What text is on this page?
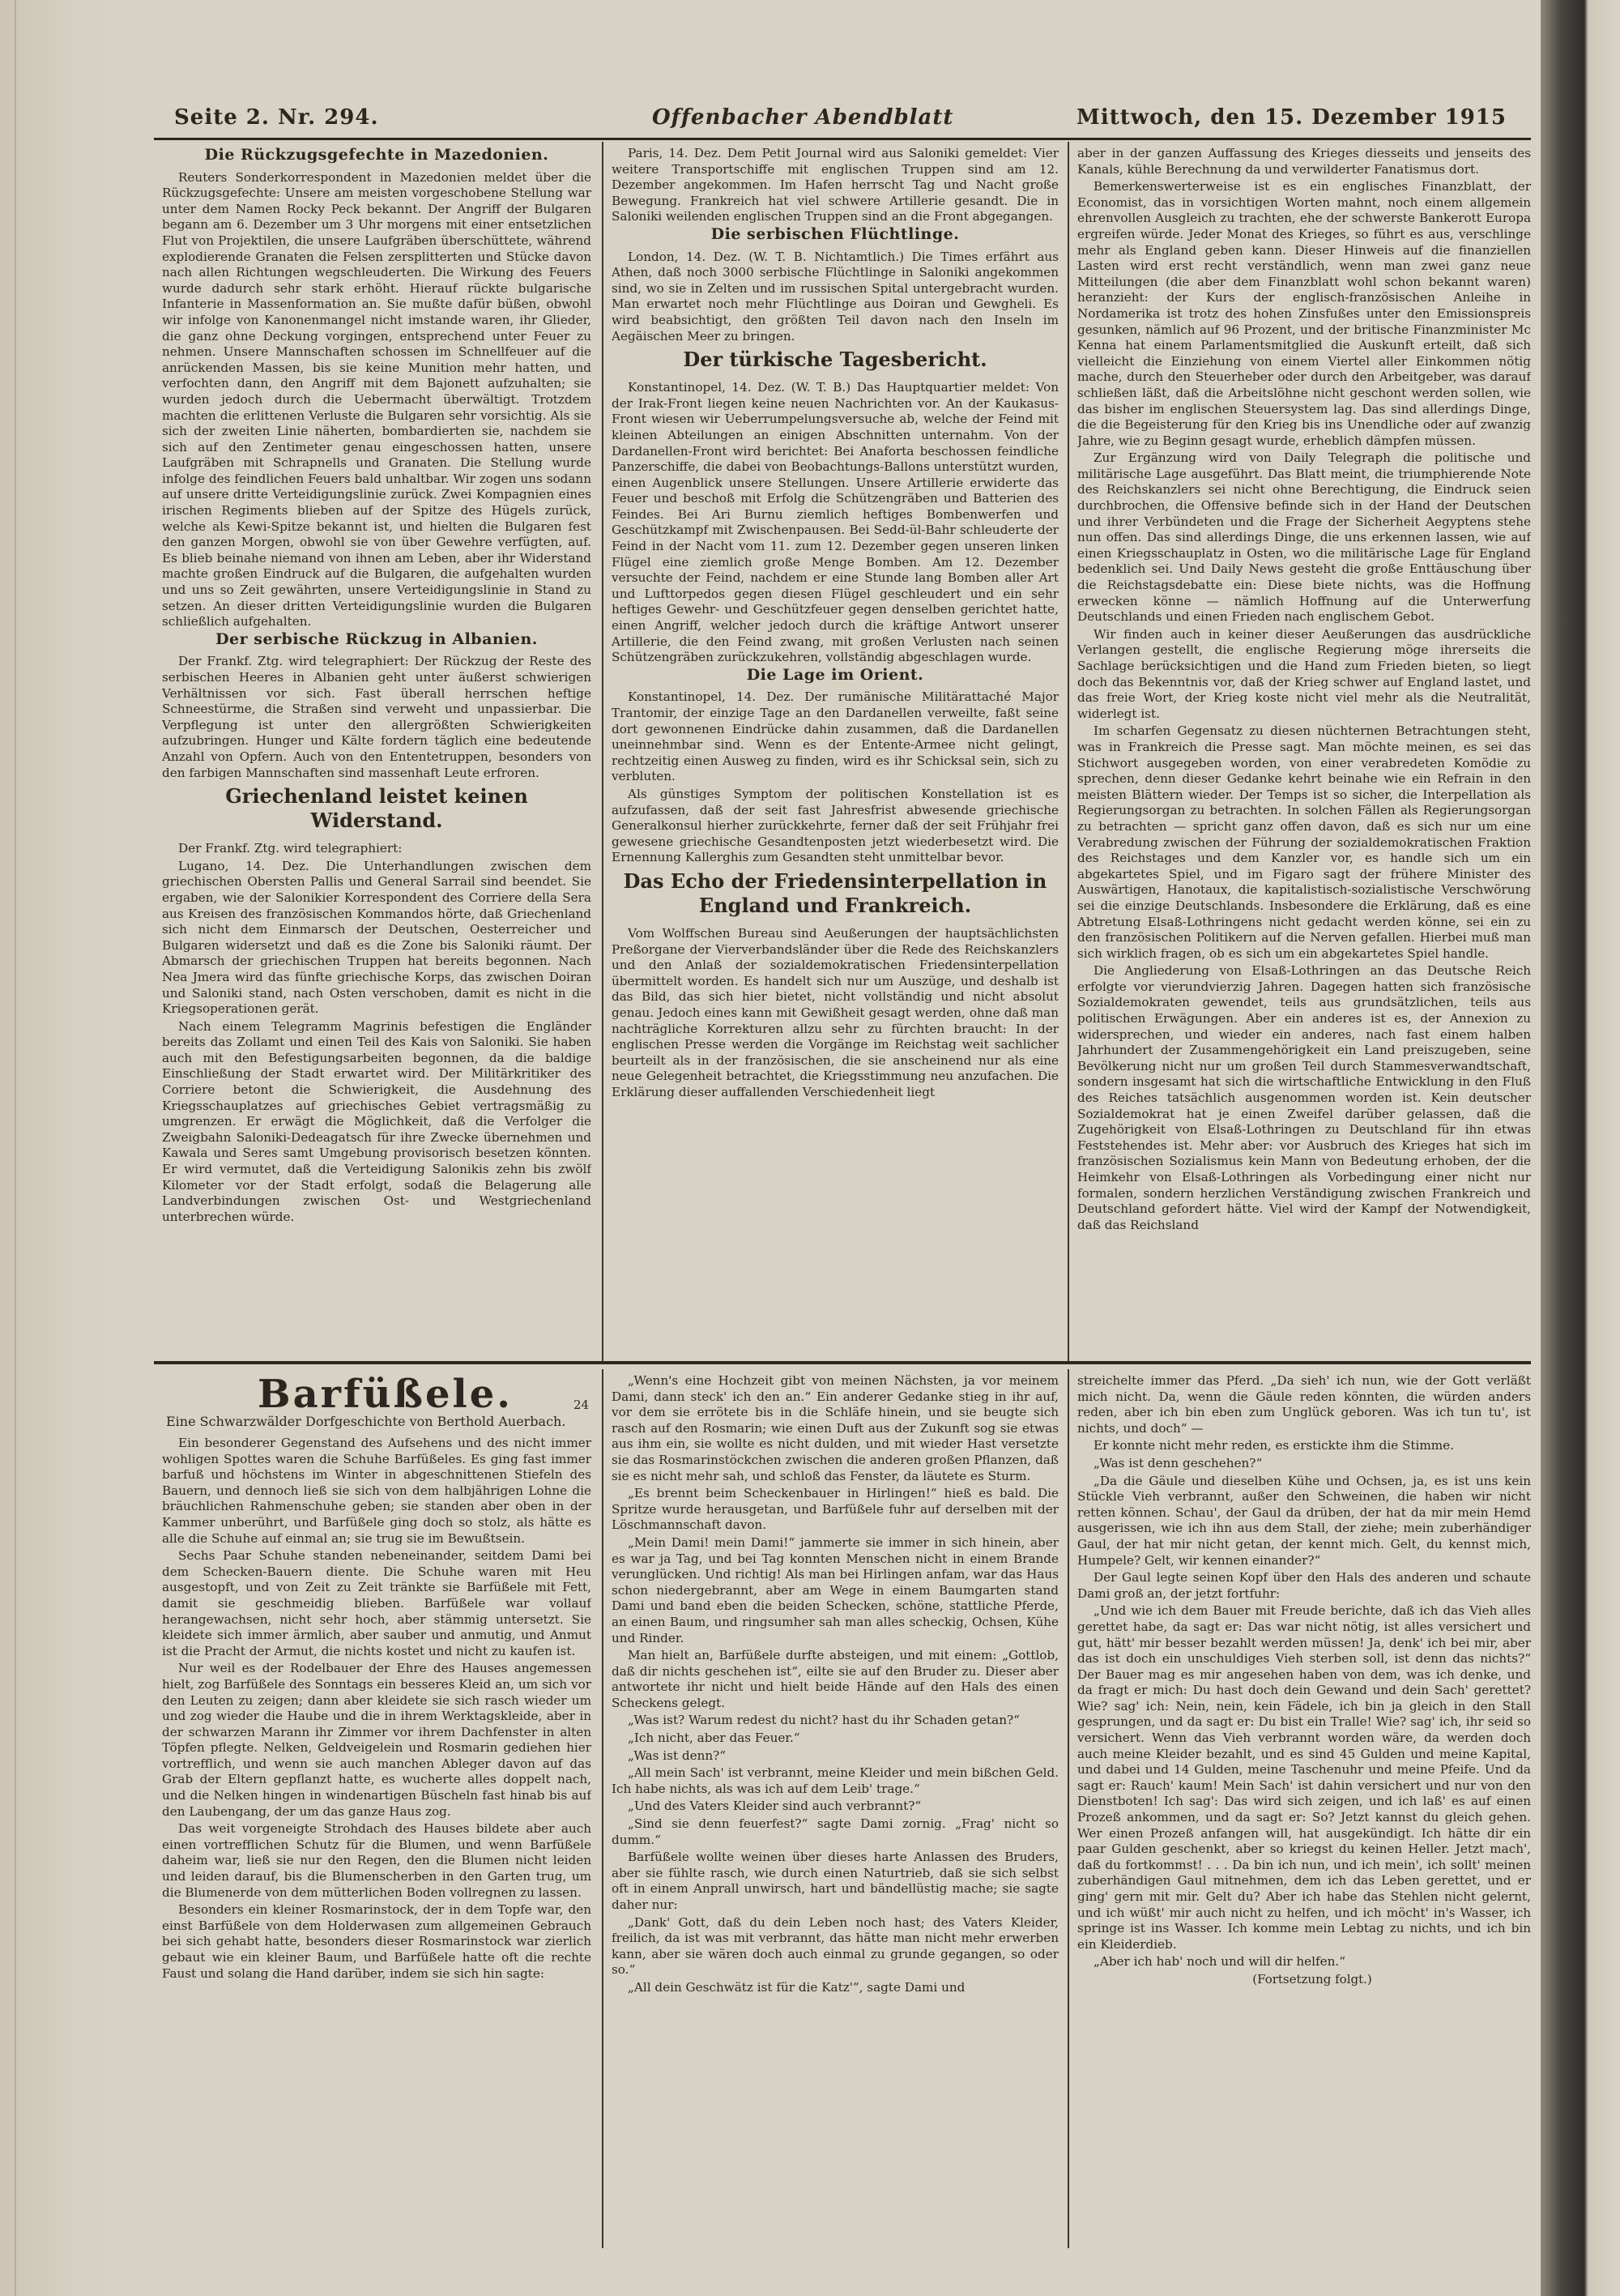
Seite 2. Nr. 294.	Offenbacher Abendblatt	Mittwoch, den 15. Dezember 1915
Die Rückzugsgefechte in Mazedonien.

Reuters Sonderkorrespondent in Mazedonien meldet über die Rückzugsgefechte: Unsere am meisten vorgeschobene Stellung war unter dem Namen Rocky Peck bekannt. Der Angriff der Bulgaren begann am 6. Dezember um 3 Uhr morgens mit einer entsetzlichen Flut von Projektilen, die unsere Laufgräben überschüttete, während explodierende Granaten die Felsen zersplitterten und Stücke davon nach allen Richtungen wegschleuderten. Die Wirkung des Feuers wurde dadurch sehr stark erhöht. Hierauf rückte bulgarische Infanterie in Massenformation an. Sie mußte dafür büßen, obwohl wir infolge von Kanonenmangel nicht imstande waren, ihr Glieder, die ganz ohne Deckung vorgingen, entsprechend unter Feuer zu nehmen. Unsere Mannschaften schossen im Schnellfeuer auf die anrückenden Massen, bis sie keine Munition mehr hatten, und verfochten dann, den Angriff mit dem Bajonett aufzuhalten; sie wurden jedoch durch die Uebermacht überwältigt. Trotzdem machten die erlittenen Verluste die Bulgaren sehr vorsichtig. Als sie sich der zweiten Linie näherten, bombardierten sie, nachdem sie sich auf den Zentimeter genau eingeschossen hatten, unsere Laufgräben mit Schrapnells und Granaten. Die Stellung wurde infolge des feindlichen Feuers bald unhaltbar. Wir zogen uns sodann auf unsere dritte Verteidigungslinie zurück. Zwei Kompagnien eines irischen Regiments blieben auf der Spitze des Hügels zurück, welche als Kewi-Spitze bekannt ist, und hielten die Bulgaren fest den ganzen Morgen, obwohl sie von über Gewehre verfügten, auf. Es blieb beinahe niemand von ihnen am Leben, aber ihr Widerstand machte großen Eindruck auf die Bulgaren, die aufgehalten wurden und uns so Zeit gewährten, unsere Verteidigungslinie in Stand zu setzen. An dieser dritten Verteidigungslinie wurden die Bulgaren schließlich aufgehalten.

Der serbische Rückzug in Albanien.

Der Frankf. Ztg. wird telegraphiert: Der Rückzug der Reste des serbischen Heeres in Albanien geht unter äußerst schwierigen Verhältnissen vor sich. Fast überall herrschen heftige Schneestürme, die Straßen sind verweht und unpassierbar. Die Verpflegung ist unter den allergrößten Schwierigkeiten aufzubringen. Hunger und Kälte fordern täglich eine bedeutende Anzahl von Opfern. Auch von den Ententetruppen, besonders von den farbigen Mannschaften sind massenhaft Leute erfroren.

Griechenland leistet keinen Widerstand.

Der Frankf. Ztg. wird telegraphiert:

Lugano, 14. Dez. Die Unterhandlungen zwischen dem griechischen Obersten Pallis und General Sarrail sind beendet. Sie ergaben, wie der Salonikier Korrespondent des Corriere della Sera aus Kreisen des französischen Kommandos hörte, daß Griechenland sich nicht dem Einmarsch der Deutschen, Oesterreicher und Bulgaren widersetzt und daß es die Zone bis Saloniki räumt. Der Abmarsch der griechischen Truppen hat bereits begonnen. Nach Nea Jmera wird das fünfte griechische Korps, das zwischen Doiran und Saloniki stand, nach Osten verschoben, damit es nicht in die Kriegsoperationen gerät.

Nach einem Telegramm Magrinis befestigen die Engländer bereits das Zollamt und einen Teil des Kais von Saloniki. Sie haben auch mit den Befestigungsarbeiten begonnen, da die baldige Einschließung der Stadt erwartet wird. Der Militärkritiker des Corriere betont die Schwierigkeit, die Ausdehnung des Kriegsschauplatzes auf griechisches Gebiet vertragsmäßig zu umgrenzen. Er erwägt die Möglichkeit, daß die Verfolger die Zweigbahn Saloniki-Dedeagatsch für ihre Zwecke übernehmen und Kawala und Seres samt Umgebung provisorisch besetzen könnten. Er wird vermutet, daß die Verteidigung Salonikis zehn bis zwölf Kilometer vor der Stadt erfolgt, sodaß die Belagerung alle Landverbindungen zwischen Ost- und Westgriechenland unterbrechen würde.

Paris, 14. Dez. Dem Petit Journal wird aus Saloniki gemeldet: Vier weitere Transportschiffe mit englischen Truppen sind am 12. Dezember angekommen. Im Hafen herrscht Tag und Nacht große Bewegung. Frankreich hat viel schwere Artillerie gesandt. Die in Saloniki weilenden englischen Truppen sind an die Front abgegangen.

Die serbischen Flüchtlinge.

London, 14. Dez. (W. T. B. Nichtamtlich.) Die Times erfährt aus Athen, daß noch 3000 serbische Flüchtlinge in Saloniki angekommen sind, wo sie in Zelten und im russischen Spital untergebracht wurden. Man erwartet noch mehr Flüchtlinge aus Doiran und Gewgheli. Es wird beabsichtigt, den größten Teil davon nach den Inseln im Aegäischen Meer zu bringen.

Der türkische Tagesbericht.

Konstantinopel, 14. Dez. (W. T. B.) Das Hauptquartier meldet: Von der Irak-Front liegen keine neuen Nachrichten vor. An der Kaukasus-Front wiesen wir Ueberrumpelungsversuche ab, welche der Feind mit kleinen Abteilungen an einigen Abschnitten unternahm. Von der Dardanellen-Front wird berichtet: Bei Anaforta beschossen feindliche Panzerschiffe, die dabei von Beobachtungs-Ballons unterstützt wurden, einen Augenblick unsere Stellungen. Unsere Artillerie erwiderte das Feuer und beschoß mit Erfolg die Schützengräben und Batterien des Feindes. Bei Ari Burnu ziemlich heftiges Bombenwerfen und Geschützkampf mit Zwischenpausen. Bei Sedd-ül-Bahr schleuderte der Feind in der Nacht vom 11. zum 12. Dezember gegen unseren linken Flügel eine ziemlich große Menge Bomben. Am 12. Dezember versuchte der Feind, nachdem er eine Stunde lang Bomben aller Art und Lufttorpedos gegen diesen Flügel geschleudert und ein sehr heftiges Gewehr- und Geschützfeuer gegen denselben gerichtet hatte, einen Angriff, welcher jedoch durch die kräftige Antwort unserer Artillerie, die den Feind zwang, mit großen Verlusten nach seinen Schützengräben zurückzukehren, vollständig abgeschlagen wurde.

Die Lage im Orient.

Konstantinopel, 14. Dez. Der rumänische Militärattaché Major Trantomir, der einzige Tage an den Dardanellen verweilte, faßt seine dort gewonnenen Eindrücke dahin zusammen, daß die Dardanellen uneinnehmbar sind. Wenn es der Entente-Armee nicht gelingt, rechtzeitig einen Ausweg zu finden, wird es ihr Schicksal sein, sich zu verbluten.

Als günstiges Symptom der politischen Konstellation ist es aufzufassen, daß der seit fast Jahresfrist abwesende griechische Generalkonsul hierher zurückkehrte, ferner daß der seit Frühjahr frei gewesene griechische Gesandtenposten jetzt wiederbesetzt wird. Die Ernennung Kallerghis zum Gesandten steht unmittelbar bevor.

Das Echo der Friedensinterpellation in England und Frankreich.

Vom Wolffschen Bureau sind Aeußerungen der hauptsächlichsten Preßorgane der Vierverbandsländer über die Rede des Reichskanzlers und den Anlaß der sozialdemokratischen Friedensinterpellation übermittelt worden. Es handelt sich nur um Auszüge, und deshalb ist das Bild, das sich hier bietet, nicht vollständig und nicht absolut genau. Jedoch eines kann mit Gewißheit gesagt werden, ohne daß man nachträgliche Korrekturen allzu sehr zu fürchten braucht: In der englischen Presse werden die Vorgänge im Reichstag weit sachlicher beurteilt als in der französischen, die sie anscheinend nur als eine neue Gelegenheit betrachtet, die Kriegsstimmung neu anzufachen. Die Erklärung dieser auffallenden Verschiedenheit liegt

aber in der ganzen Auffassung des Krieges diesseits und jenseits des Kanals, kühle Berechnung da und verwilderter Fanatismus dort.

Bemerkenswerterweise ist es ein englisches Finanzblatt, der Economist, das in vorsichtigen Worten mahnt, noch einem allgemein ehrenvollen Ausgleich zu trachten, ehe der schwerste Bankerott Europa ergreifen würde. Jeder Monat des Krieges, so führt es aus, verschlinge mehr als England geben kann. Dieser Hinweis auf die finanziellen Lasten wird erst recht verständlich, wenn man zwei ganz neue Mitteilungen (die aber dem Finanzblatt wohl schon bekannt waren) heranzieht: der Kurs der englisch-französischen Anleihe in Nordamerika ist trotz des hohen Zinsfußes unter den Emissionspreis gesunken, nämlich auf 96 Prozent, und der britische Finanzminister Mc Kenna hat einem Parlamentsmitglied die Auskunft erteilt, daß sich vielleicht die Einziehung von einem Viertel aller Einkommen nötig mache, durch den Steuerheber oder durch den Arbeitgeber, was darauf schließen läßt, daß die Arbeitslöhne nicht geschont werden sollen, wie das bisher im englischen Steuersystem lag. Das sind allerdings Dinge, die die Begeisterung für den Krieg bis ins Unendliche oder auf zwanzig Jahre, wie zu Beginn gesagt wurde, erheblich dämpfen müssen.

Zur Ergänzung wird von Daily Telegraph die politische und militärische Lage ausgeführt. Das Blatt meint, die triumphierende Note des Reichskanzlers sei nicht ohne Berechtigung, die Eindruck seien durchbrochen, die Offensive befinde sich in der Hand der Deutschen und ihrer Verbündeten und die Frage der Sicherheit Aegyptens stehe nun offen. Das sind allerdings Dinge, die uns erkennen lassen, wie auf einen Kriegsschauplatz in Osten, wo die militärische Lage für England bedenklich sei. Und Daily News gesteht die große Enttäuschung über die Reichstagsdebatte ein: Diese biete nichts, was die Hoffnung erwecken könne — nämlich Hoffnung auf die Unterwerfung Deutschlands und einen Frieden nach englischem Gebot.

Wir finden auch in keiner dieser Aeußerungen das ausdrückliche Verlangen gestellt, die englische Regierung möge ihrerseits die Sachlage berücksichtigen und die Hand zum Frieden bieten, so liegt doch das Bekenntnis vor, daß der Krieg schwer auf England lastet, und das freie Wort, der Krieg koste nicht viel mehr als die Neutralität, widerlegt ist.

Im scharfen Gegensatz zu diesen nüchternen Betrachtungen steht, was in Frankreich die Presse sagt. Man möchte meinen, es sei das Stichwort ausgegeben worden, von einer verabredeten Komödie zu sprechen, denn dieser Gedanke kehrt beinahe wie ein Refrain in den meisten Blättern wieder. Der Temps ist so sicher, die Interpellation als Regierungsorgan zu betrachten. In solchen Fällen als Regierungsorgan zu betrachten — spricht ganz offen davon, daß es sich nur um eine Verabredung zwischen der Führung der sozialdemokratischen Fraktion des Reichstages und dem Kanzler vor, es handle sich um ein abgekartetes Spiel, und im Figaro sagt der frühere Minister des Auswärtigen, Hanotaux, die kapitalistisch-sozialistische Verschwörung sei die einzige Deutschlands. Insbesondere die Erklärung, daß es eine Abtretung Elsaß-Lothringens nicht gedacht werden könne, sei ein zu den französischen Politikern auf die Nerven gefallen. Hierbei muß man sich wirklich fragen, ob es sich um ein abgekartetes Spiel handle.

Die Angliederung von Elsaß-Lothringen an das Deutsche Reich erfolgte vor vierundvierzig Jahren. Dagegen hatten sich französische Sozialdemokraten gewendet, teils aus grundsätzlichen, teils aus politischen Erwägungen. Aber ein anderes ist es, der Annexion zu widersprechen, und wieder ein anderes, nach fast einem halben Jahrhundert der Zusammengehörigkeit ein Land preiszugeben, seine Bevölkerung nicht nur um großen Teil durch Stammesverwandtschaft, sondern insgesamt hat sich die wirtschaftliche Entwicklung in den Fluß des Reiches tatsächlich ausgenommen worden ist. Kein deutscher Sozialdemokrat hat je einen Zweifel darüber gelassen, daß die Zugehörigkeit von Elsaß-Lothringen zu Deutschland für ihn etwas Feststehendes ist. Mehr aber: vor Ausbruch des Krieges hat sich im französischen Sozialismus kein Mann von Bedeutung erhoben, der die Heimkehr von Elsaß-Lothringen als Vorbedingung einer nicht nur formalen, sondern herzlichen Verständigung zwischen Frankreich und Deutschland gefordert hätte. Viel wird der Kampf der Notwendigkeit, daß das Reichsland

Barfüßele.	24
Eine Schwarzwälder Dorfgeschichte von Berthold Auerbach.

Ein besonderer Gegenstand des Aufsehens und des nicht immer wohligen Spottes waren die Schuhe Barfüßeles. Es ging fast immer barfuß und höchstens im Winter in abgeschnittenen Stiefeln des Bauern, und dennoch ließ sie sich von dem halbjährigen Lohne die bräuchlichen Rahmenschuhe geben; sie standen aber oben in der Kammer unberührt, und Barfüßele ging doch so stolz, als hätte es alle die Schuhe auf einmal an; sie trug sie im Bewußtsein.

Sechs Paar Schuhe standen nebeneinander, seitdem Dami bei dem Schecken-Bauern diente. Die Schuhe waren mit Heu ausgestopft, und von Zeit zu Zeit tränkte sie Barfüßele mit Fett, damit sie geschmeidig blieben. Barfüßele war vollauf herangewachsen, nicht sehr hoch, aber stämmig untersetzt. Sie kleidete sich immer ärmlich, aber sauber und anmutig, und Anmut ist die Pracht der Armut, die nichts kostet und nicht zu kaufen ist.

Nur weil es der Rodelbauer der Ehre des Hauses angemessen hielt, zog Barfüßele des Sonntags ein besseres Kleid an, um sich vor den Leuten zu zeigen; dann aber kleidete sie sich rasch wieder um und zog wieder die Haube und die in ihrem Werktagskleide, aber in der schwarzen Marann ihr Zimmer vor ihrem Dachfenster in alten Töpfen pflegte. Nelken, Geldveigelein und Rosmarin gediehen hier vortrefflich, und wenn sie auch manchen Ableger davon auf das Grab der Eltern gepflanzt hatte, es wucherte alles doppelt nach, und die Nelken hingen in windenartigen Büscheln fast hinab bis auf den Laubengang, der um das ganze Haus zog.

Das weit vorgeneigte Strohdach des Hauses bildete aber auch einen vortrefflichen Schutz für die Blumen, und wenn Barfüßele daheim war, ließ sie nur den Regen, den die Blumen nicht leiden und leiden darauf, bis die Blumenscherben in den Garten trug, um die Blumenerde von dem mütterlichen Boden vollregnen zu lassen.

Besonders ein kleiner Rosmarinstock, der in dem Topfe war, den einst Barfüßele von dem Holderwasen zum allgemeinen Gebrauch bei sich gehabt hatte, besonders dieser Rosmarinstock war zierlich gebaut wie ein kleiner Baum, und Barfüßele hatte oft die rechte Faust und solang die Hand darüber, indem sie sich hin sagte:

„Wenn's eine Hochzeit gibt von meinen Nächsten, ja vor meinem Dami, dann steck' ich den an.“ Ein anderer Gedanke stieg in ihr auf, vor dem sie errötete bis in die Schläfe hinein, und sie beugte sich rasch auf den Rosmarin; wie einen Duft aus der Zukunft sog sie etwas aus ihm ein, sie wollte es nicht dulden, und mit wieder Hast versetzte sie das Rosmarinstöckchen zwischen die anderen großen Pflanzen, daß sie es nicht mehr sah, und schloß das Fenster, da läutete es Sturm.

„Es brennt beim Scheckenbauer in Hirlingen!“ hieß es bald. Die Spritze wurde herausgetan, und Barfüßele fuhr auf derselben mit der Löschmannschaft davon.

„Mein Dami! mein Dami!“ jammerte sie immer in sich hinein, aber es war ja Tag, und bei Tag konnten Menschen nicht in einem Brande verunglücken. Und richtig! Als man bei Hirlingen anfam, war das Haus schon niedergebrannt, aber am Wege in einem Baumgarten stand Dami und band eben die beiden Schecken, schöne, stattliche Pferde, an einen Baum, und ringsumher sah man alles scheckig, Ochsen, Kühe und Rinder.

Man hielt an, Barfüßele durfte absteigen, und mit einem: „Gottlob, daß dir nichts geschehen ist“, eilte sie auf den Bruder zu. Dieser aber antwortete ihr nicht und hielt beide Hände auf den Hals des einen Scheckens gelegt.

„Was ist? Warum redest du nicht? hast du ihr Schaden getan?“

„Ich nicht, aber das Feuer.“

„Was ist denn?“

„All mein Sach' ist verbrannt, meine Kleider und mein bißchen Geld. Ich habe nichts, als was ich auf dem Leib' trage.“

„Und des Vaters Kleider sind auch verbrannt?“

„Sind sie denn feuerfest?“ sagte Dami zornig. „Frag' nicht so dumm.“

Barfüßele wollte weinen über dieses harte Anlassen des Bruders, aber sie fühlte rasch, wie durch einen Naturtrieb, daß sie sich selbst oft in einem Anprall unwirsch, hart und bändellüstig mache; sie sagte daher nur:

„Dank' Gott, daß du dein Leben noch hast; des Vaters Kleider, freilich, da ist was mit verbrannt, das hätte man nicht mehr erwerben kann, aber sie wären doch auch einmal zu grunde gegangen, so oder so.“

„All dein Geschwätz ist für die Katz'“, sagte Dami und

streichelte immer das Pferd. „Da sieh' ich nun, wie der Gott verläßt mich nicht. Da, wenn die Gäule reden könnten, die würden anders reden, aber ich bin eben zum Unglück geboren. Was ich tun tu', ist nichts, und doch“ —

Er konnte nicht mehr reden, es erstickte ihm die Stimme.

„Was ist denn geschehen?“

„Da die Gäule und dieselben Kühe und Ochsen, ja, es ist uns kein Stückle Vieh verbrannt, außer den Schweinen, die haben wir nicht retten können. Schau', der Gaul da drüben, der hat da mir mein Hemd ausgerissen, wie ich ihn aus dem Stall, der ziehe; mein zuberhändiger Gaul, der hat mir nicht getan, der kennt mich. Gelt, du kennst mich, Humpele? Gelt, wir kennen einander?“

Der Gaul legte seinen Kopf über den Hals des anderen und schaute Dami groß an, der jetzt fortfuhr:

„Und wie ich dem Bauer mit Freude berichte, daß ich das Vieh alles gerettet habe, da sagt er: Das war nicht nötig, ist alles versichert und gut, hätt' mir besser bezahlt werden müssen! Ja, denk' ich bei mir, aber das ist doch ein unschuldiges Vieh sterben soll, ist denn das nichts?“ Der Bauer mag es mir angesehen haben von dem, was ich denke, und da fragt er mich: Du hast doch dein Gewand und dein Sach' gerettet? Wie? sag' ich: Nein, nein, kein Fädele, ich bin ja gleich in den Stall gesprungen, und da sagt er: Du bist ein Tralle! Wie? sag' ich, ihr seid so versichert. Wenn das Vieh verbrannt worden wäre, da werden doch auch meine Kleider bezahlt, und es sind 45 Gulden und meine Kapital, und dabei und 14 Gulden, meine Taschenuhr und meine Pfeife. Und da sagt er: Rauch' kaum! Mein Sach' ist dahin versichert und nur von den Dienstboten! Ich sag': Das wird sich zeigen, und ich laß' es auf einen Prozeß ankommen, und da sagt er: So? Jetzt kannst du gleich gehen. Wer einen Prozeß anfangen will, hat ausgekündigt. Ich hätte dir ein paar Gulden geschenkt, aber so kriegst du keinen Heller. Jetzt mach', daß du fortkommst! . . . Da bin ich nun, und ich mein', ich sollt' meinen zuberhändigen Gaul mitnehmen, dem ich das Leben gerettet, und er ging' gern mit mir. Gelt du? Aber ich habe das Stehlen nicht gelernt, und ich wüßt' mir auch nicht zu helfen, und ich möcht' in's Wasser, ich springe ist ins Wasser. Ich komme mein Lebtag zu nichts, und ich bin ein Kleiderdieb.

„Aber ich hab' noch und will dir helfen.“

(Fortsetzung folgt.)
